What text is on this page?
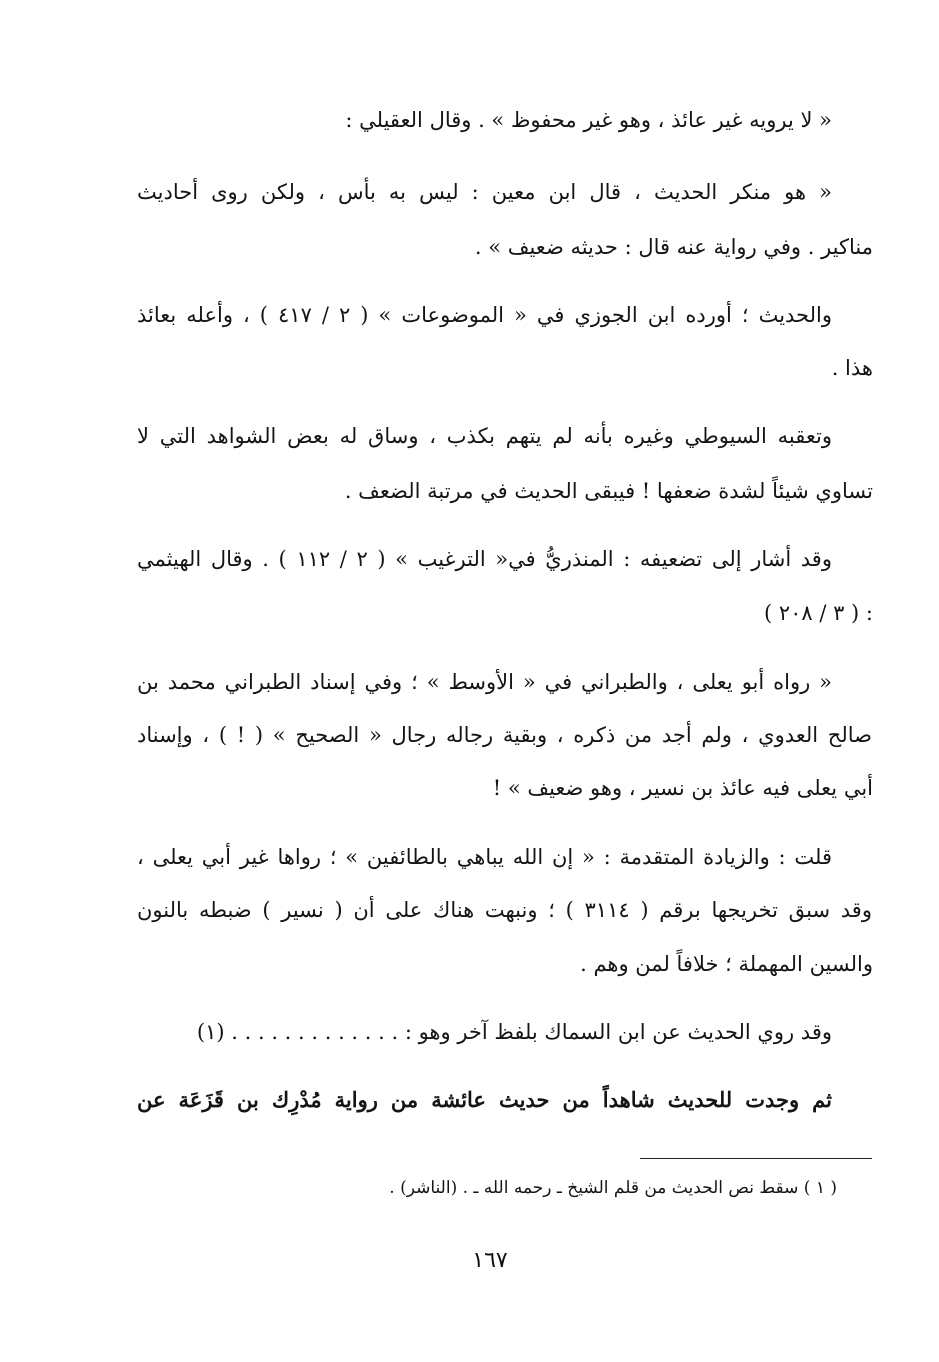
« لا يرويه غير عائذ ، وهو غير محفوظ » . وقال العقيلي :
« هو منكر الحديث ، قال ابن معين : ليس به بأس ، ولكن روى أحاديث
مناكير . وفي رواية عنه قال : حديثه ضعيف » .
والحديث ؛ أورده ابن الجوزي في « الموضوعات » ( ٢ / ٤١٧ ) ، وأعله بعائذ
هذا .
وتعقبه السيوطي وغيره بأنه لم يتهم بكذب ، وساق له بعض الشواهد التي لا
تساوي شيئاً لشدة ضعفها ! فيبقى الحديث في مرتبة الضعف .
وقد أشار إلى تضعيفه : المنذريُّ في« الترغيب » ( ٢ / ١١٢ ) . وقال الهيثمي
( ٣ / ٢٠٨ ) :
« رواه أبو يعلى ، والطبراني في « الأوسط » ؛ وفي إسناد الطبراني محمد بن
صالح العدوي ، ولم أجد من ذكره ، وبقية رجاله رجال « الصحيح » ( ! ) ، وإسناد
أبي يعلى فيه عائذ بن نسير ، وهو ضعيف » !
قلت : والزيادة المتقدمة : « إن الله يباهي بالطائفين » ؛ رواها غير أبي يعلى ،
وقد سبق تخريجها برقم ( ٣١١٤ ) ؛ ونبهت هناك على أن ( نسير ) ضبطه بالنون
والسين المهملة ؛ خلافاً لمن وهم .
وقد روي الحديث عن ابن السماك بلفظ آخر وهو : . . . . . . . . . . . . . (١)
ثم وجدت للحديث شاهداً من حديث عائشة من رواية مُدْرِك بن قَزَعَة عن
( ١ ) سقط نص الحديث من قلم الشيخ ـ رحمه الله ـ . (الناشر) .
١٦٧
